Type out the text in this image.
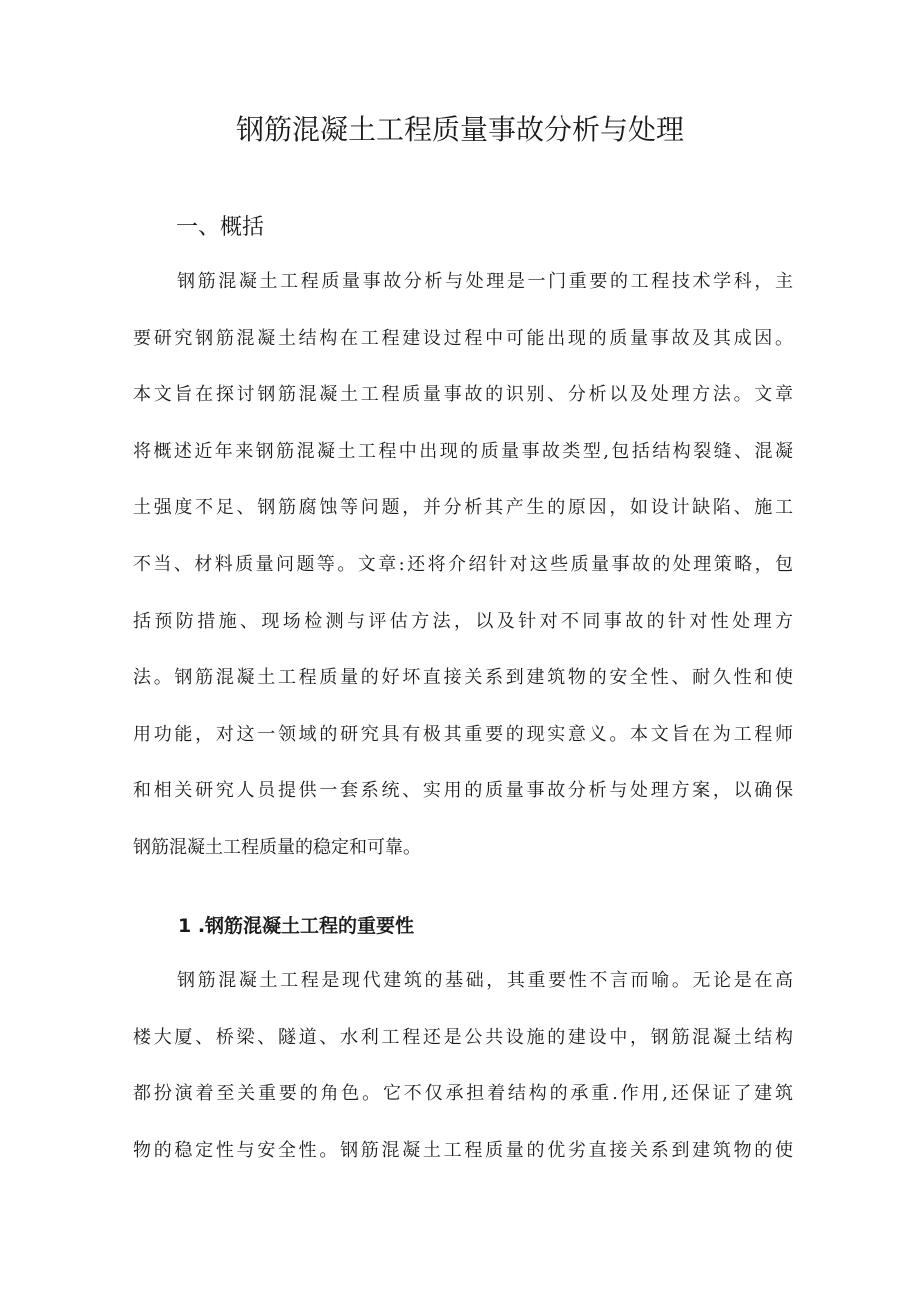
钢筋混凝土工程质量事故分析与处理
一、概括
钢筋混凝土工程质量事故分析与处理是一门重要的工程技术学科，主
要研究钢筋混凝土结构在工程建设过程中可能出现的质量事故及其成因。
本文旨在探讨钢筋混凝土工程质量事故的识别、分析以及处理方法。文章
将概述近年来钢筋混凝土工程中出现的质量事故类型,包括结构裂缝、混凝
土强度不足、钢筋腐蚀等问题，并分析其产生的原因，如设计缺陷、施工
不当、材料质量问题等。文章:还将介绍针对这些质量事故的处理策略，包
括预防措施、现场检测与评估方法，以及针对不同事故的针对性处理方
法。钢筋混凝土工程质量的好坏直接关系到建筑物的安全性、耐久性和使
用功能，对这一领域的研究具有极其重要的现实意义。本文旨在为工程师
和相关研究人员提供一套系统、实用的质量事故分析与处理方案，以确保
钢筋混凝土工程质量的稳定和可靠。
1 .钢筋混凝土工程的重要性
钢筋混凝土工程是现代建筑的基础，其重要性不言而喻。无论是在高
楼大厦、桥梁、隧道、水利工程还是公共设施的建设中，钢筋混凝土结构
都扮演着至关重要的角色。它不仅承担着结构的承重.作用,还保证了建筑
物的稳定性与安全性。钢筋混凝土工程质量的优劣直接关系到建筑物的使
